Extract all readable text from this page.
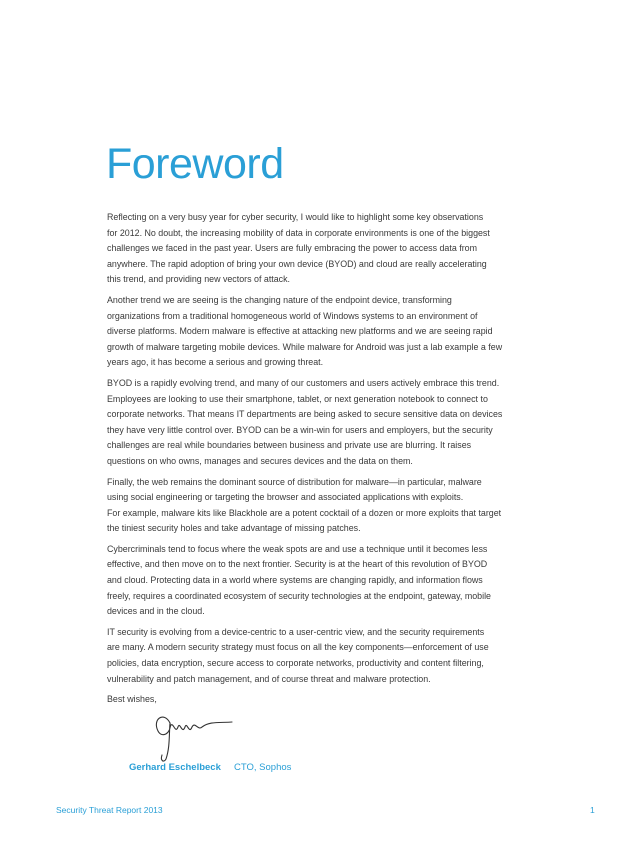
Foreword

Reflecting on a very busy year for cyber security, I would like to highlight some key observations
for 2012. No doubt, the increasing mobility of data in corporate environments is one of the biggest
challenges we faced in the past year. Users are fully embracing the power to access data from
anywhere. The rapid adoption of bring your own device (BYOD) and cloud are really accelerating
this trend, and providing new vectors of attack.

Another trend we are seeing is the changing nature of the endpoint device, transforming
organizations from a traditional homogeneous world of Windows systems to an environment of
diverse platforms. Modern malware is effective at attacking new platforms and we are seeing rapid
growth of malware targeting mobile devices. While malware for Android was just a lab example a few
years ago, it has become a serious and growing threat.

BYOD is a rapidly evolving trend, and many of our customers and users actively embrace this trend.
Employees are looking to use their smartphone, tablet, or next generation notebook to connect to
corporate networks. That means IT departments are being asked to secure sensitive data on devices
they have very little control over. BYOD can be a win-win for users and employers, but the security
challenges are real while boundaries between business and private use are blurring. It raises
questions on who owns, manages and secures devices and the data on them.

Finally, the web remains the dominant source of distribution for malware—in particular, malware
using social engineering or targeting the browser and associated applications with exploits.
For example, malware kits like Blackhole are a potent cocktail of a dozen or more exploits that target
the tiniest security holes and take advantage of missing patches.

Cybercriminals tend to focus where the weak spots are and use a technique until it becomes less
effective, and then move on to the next frontier. Security is at the heart of this revolution of BYOD
and cloud. Protecting data in a world where systems are changing rapidly, and information flows
freely, requires a coordinated ecosystem of security technologies at the endpoint, gateway, mobile
devices and in the cloud.

IT security is evolving from a device-centric to a user-centric view, and the security requirements
are many. A modern security strategy must focus on all the key components—enforcement of use
policies, data encryption, secure access to corporate networks, productivity and content filtering,
vulnerability and patch management, and of course threat and malware protection.

Best wishes,

Gerhard Eschelbeck CTO, Sophos
Security Threat Report 2013	1
